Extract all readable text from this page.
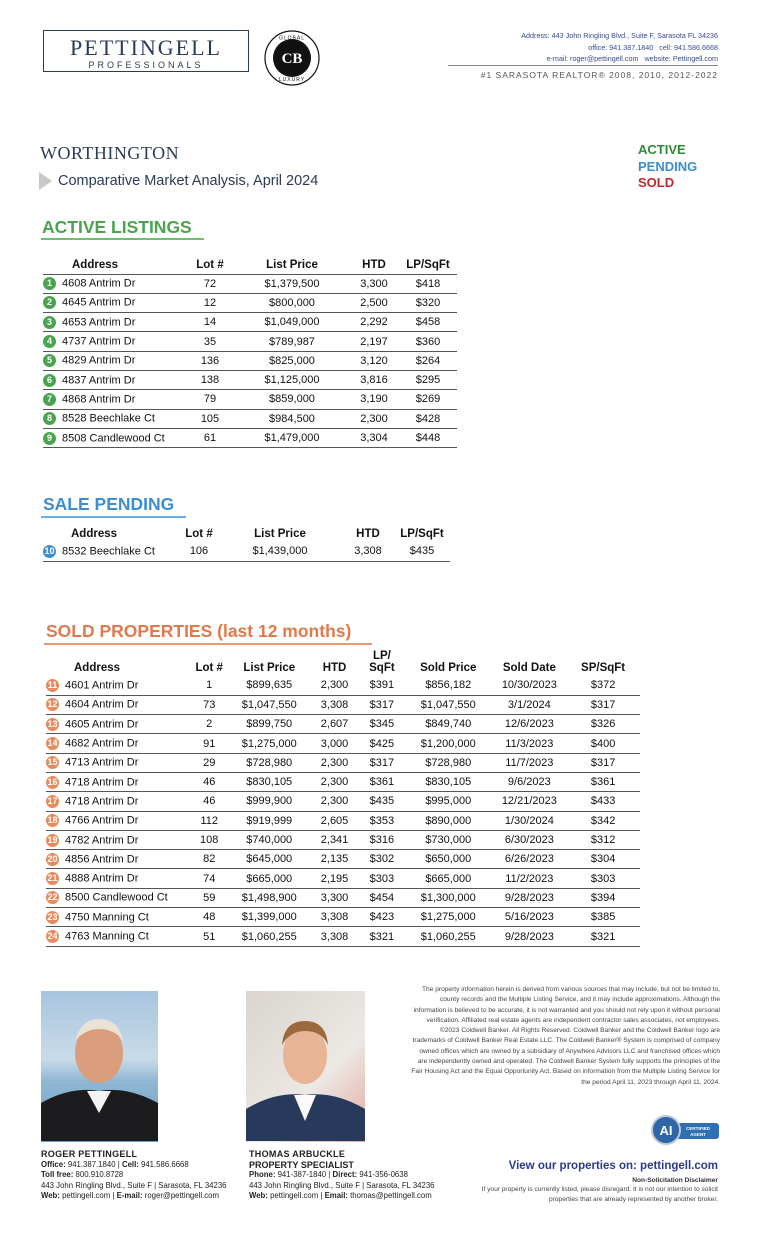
PETTINGELL
PROFESSIONALS
GLOBAL
LUXURY
CB
Address: 443 John Ringling Blvd., Suite F, Sarasota FL 34236
office: 941.387.1840 cell: 941.586.6668
e-mail: roger@pettingell.com website: Pettingell.com
#1 SARASOTA REALTOR® 2008, 2010, 2012-2022
WORTHINGTON
Comparative Market Analysis, April 2024
ACTIVE
PENDING
SOLD
ACTIVE LISTINGS
Address	Lot #	List Price	HTD	LP/SqFt
1 4608 Antrim Dr	72	$1,379,500	3,300	$418
2 4645 Antrim Dr	12	$800,000	2,500	$320
3 4653 Antrim Dr	14	$1,049,000	2,292	$458
4 4737 Antrim Dr	35	$789,987	2,197	$360
5 4829 Antrim Dr	136	$825,000	3,120	$264
6 4837 Antrim Dr	138	$1,125,000	3,816	$295
7 4868 Antrim Dr	79	$859,000	3,190	$269
8 8528 Beechlake Ct	105	$984,500	2,300	$428
9 8508 Candlewood Ct	61	$1,479,000	3,304	$448
SALE PENDING
Address	Lot #	List Price	HTD	LP/SqFt
10 8532 Beechlake Ct	106	$1,439,000	3,308	$435
SOLD PROPERTIES (last 12 months)
Address	Lot #	List Price	HTD	LP/
SqFt	Sold Price	Sold Date	SP/SqFt
11 4601 Antrim Dr	1	$899,635	2,300	$391	$856,182	10/30/2023	$372
12 4604 Antrim Dr	73	$1,047,550	3,308	$317	$1,047,550	3/1/2024	$317
13 4605 Antrim Dr	2	$899,750	2,607	$345	$849,740	12/6/2023	$326
14 4682 Antrim Dr	91	$1,275,000	3,000	$425	$1,200,000	11/3/2023	$400
15 4713 Antrim Dr	29	$728,980	2,300	$317	$728,980	11/7/2023	$317
16 4718 Antrim Dr	46	$830,105	2,300	$361	$830,105	9/6/2023	$361
17 4718 Antrim Dr	46	$999,900	2,300	$435	$995,000	12/21/2023	$433
18 4766 Antrim Dr	112	$919,999	2,605	$353	$890,000	1/30/2024	$342
19 4782 Antrim Dr	108	$740,000	2,341	$316	$730,000	6/30/2023	$312
20 4856 Antrim Dr	82	$645,000	2,135	$302	$650,000	6/26/2023	$304
21 4888 Antrim Dr	74	$665,000	2,195	$303	$665,000	11/2/2023	$303
22 8500 Candlewood Ct	59	$1,498,900	3,300	$454	$1,300,000	9/28/2023	$394
23 4750 Manning Ct	48	$1,399,000	3,308	$423	$1,275,000	5/16/2023	$385
24 4763 Manning Ct	51	$1,060,255	3,308	$321	$1,060,255	9/28/2023	$321
ROGER PETTINGELL
Office: 941.387.1840 | Cell: 941.586.6668
Toll free: 800.910.8728
443 John Ringling Blvd., Suite F | Sarasota, FL 34236
Web: pettingell.com | E-mail: roger@pettingell.com
THOMAS ARBUCKLE
PROPERTY SPECIALIST
Phone: 941-387-1840 | Direct: 941-356-0638
443 John Ringling Blvd., Suite F | Sarasota, FL 34236
Web: pettingell.com | Email: thomas@pettingell.com
The property information herein is derived from various sources that may include, but not be limited to, county records and the Multiple Listing Service, and it may include approximations. Although the information is believed to be accurate, it is not warranted and you should not rely upon it without personal verification. Affiliated real estate agents are independent contractor sales associates, not employees. ©2023 Coldwell Banker. All Rights Reserved. Coldwell Banker and the Coldwell Banker logo are trademarks of Coldwell Banker Real Estate LLC. The Coldwell Banker® System is comprised of company owned offices which are owned by a subsidiary of Anywhere Advisors LLC and franchised offices which are independently owned and operated. The Coldwell Banker System fully supports the principles of the Fair Housing Act and the Equal Opportunity Act. Based on information from the Multiple Listing Service for the period April 11, 2023 through April 11, 2024.
CERTIFIED
AGENT
AI
View our properties on: pettingell.com
Non-Solicitation Disclaimer
If your property is currently listed, please disregard. It is not our intention to solicit properties that are already represented by another broker.
